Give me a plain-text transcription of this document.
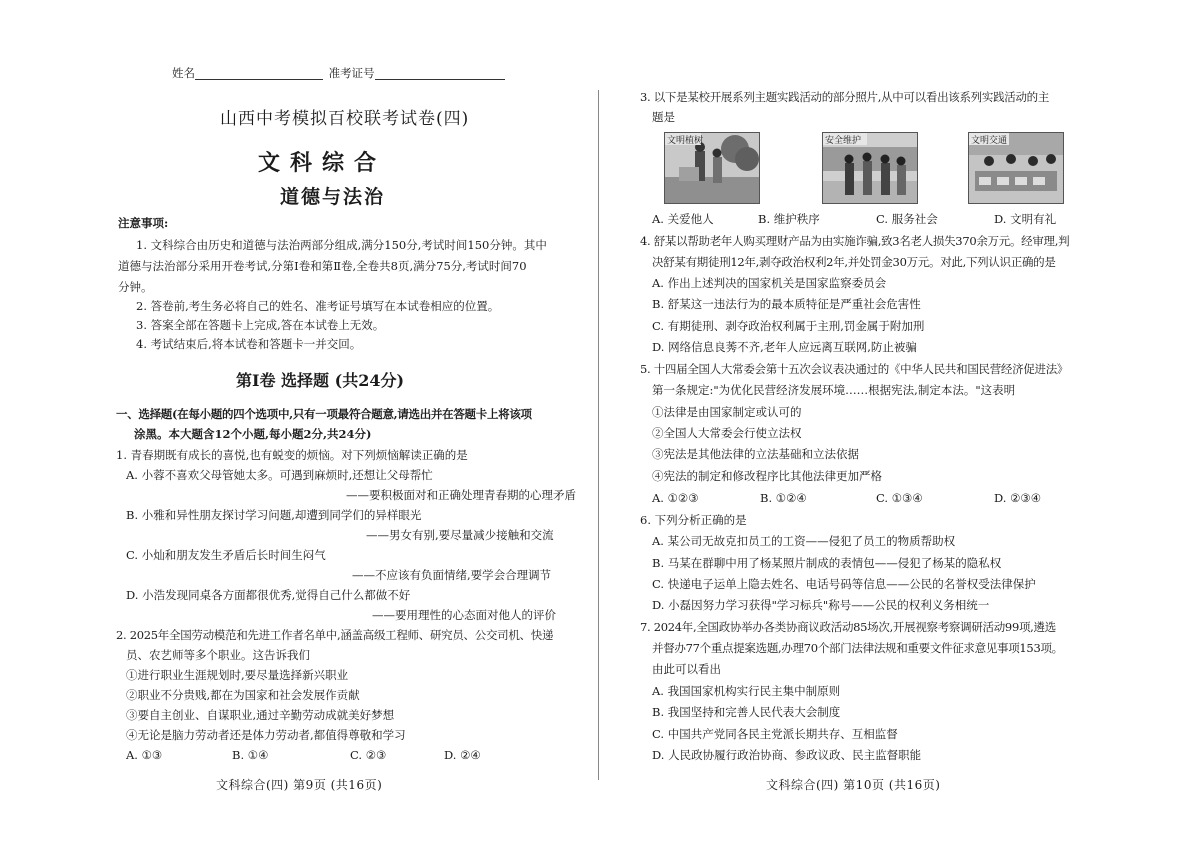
姓名	准考证号
山西中考模拟百校联考试卷(四)
文科综合
道德与法治
注意事项:
1. 文科综合由历史和道德与法治两部分组成,满分150分,考试时间150分钟。其中
道德与法治部分采用开卷考试,分第Ⅰ卷和第Ⅱ卷,全卷共8页,满分75分,考试时间70
分钟。
2. 答卷前,考生务必将自己的姓名、准考证号填写在本试卷相应的位置。
3. 答案全部在答题卡上完成,答在本试卷上无效。
4. 考试结束后,将本试卷和答题卡一并交回。
第Ⅰ卷 选择题 (共24分)
一、选择题(在每小题的四个选项中,只有一项最符合题意,请选出并在答题卡上将该项
涂黑。本大题含12个小题,每小题2分,共24分)
1. 青春期既有成长的喜悦,也有蜕变的烦恼。对下列烦恼解读正确的是
A. 小蓉不喜欢父母管她太多。可遇到麻烦时,还想让父母帮忙
——要积极面对和正确处理青春期的心理矛盾
B. 小雅和异性朋友探讨学习问题,却遭到同学们的异样眼光
——男女有别,要尽量减少接触和交流
C. 小灿和朋友发生矛盾后长时间生闷气
——不应该有负面情绪,要学会合理调节
D. 小浩发现同桌各方面都很优秀,觉得自己什么都做不好
——要用理性的心态面对他人的评价
2. 2025年全国劳动模范和先进工作者名单中,涵盖高级工程师、研究员、公交司机、快递
员、农艺师等多个职业。这告诉我们
①进行职业生涯规划时,要尽量选择新兴职业
②职业不分贵贱,都在为国家和社会发展作贡献
③要自主创业、自谋职业,通过辛勤劳动成就美好梦想
④无论是脑力劳动者还是体力劳动者,都值得尊敬和学习
A. ①③	B. ①④	C. ②③	D. ②④
文科综合(四) 第9页 (共16页)
3. 以下是某校开展系列主题实践活动的部分照片,从中可以看出该系列实践活动的主
题是
文明植树	安全维护	文明交通
A. 关爱他人	B. 维护秩序	C. 服务社会	D. 文明有礼
4. 舒某以帮助老年人购买理财产品为由实施诈骗,致3名老人损失370余万元。经审理,判
决舒某有期徒刑12年,剥夺政治权利2年,并处罚金30万元。对此,下列认识正确的是
A. 作出上述判决的国家机关是国家监察委员会
B. 舒某这一违法行为的最本质特征是严重社会危害性
C. 有期徒刑、剥夺政治权利属于主刑,罚金属于附加刑
D. 网络信息良莠不齐,老年人应远离互联网,防止被骗
5. 十四届全国人大常委会第十五次会议表决通过的《中华人民共和国民营经济促进法》
第一条规定:"为优化民营经济发展环境……根据宪法,制定本法。"这表明
①法律是由国家制定或认可的
②全国人大常委会行使立法权
③宪法是其他法律的立法基础和立法依据
④宪法的制定和修改程序比其他法律更加严格
A. ①②③	B. ①②④	C. ①③④	D. ②③④
6. 下列分析正确的是
A. 某公司无故克扣员工的工资——侵犯了员工的物质帮助权
B. 马某在群聊中用了杨某照片制成的表情包——侵犯了杨某的隐私权
C. 快递电子运单上隐去姓名、电话号码等信息——公民的名誉权受法律保护
D. 小磊因努力学习获得"学习标兵"称号——公民的权利义务相统一
7. 2024年,全国政协举办各类协商议政活动85场次,开展视察考察调研活动99项,遴选
并督办77个重点提案选题,办理70个部门法律法规和重要文件征求意见事项153项。
由此可以看出
A. 我国国家机构实行民主集中制原则
B. 我国坚持和完善人民代表大会制度
C. 中国共产党同各民主党派长期共存、互相监督
D. 人民政协履行政治协商、参政议政、民主监督职能
文科综合(四) 第10页 (共16页)
